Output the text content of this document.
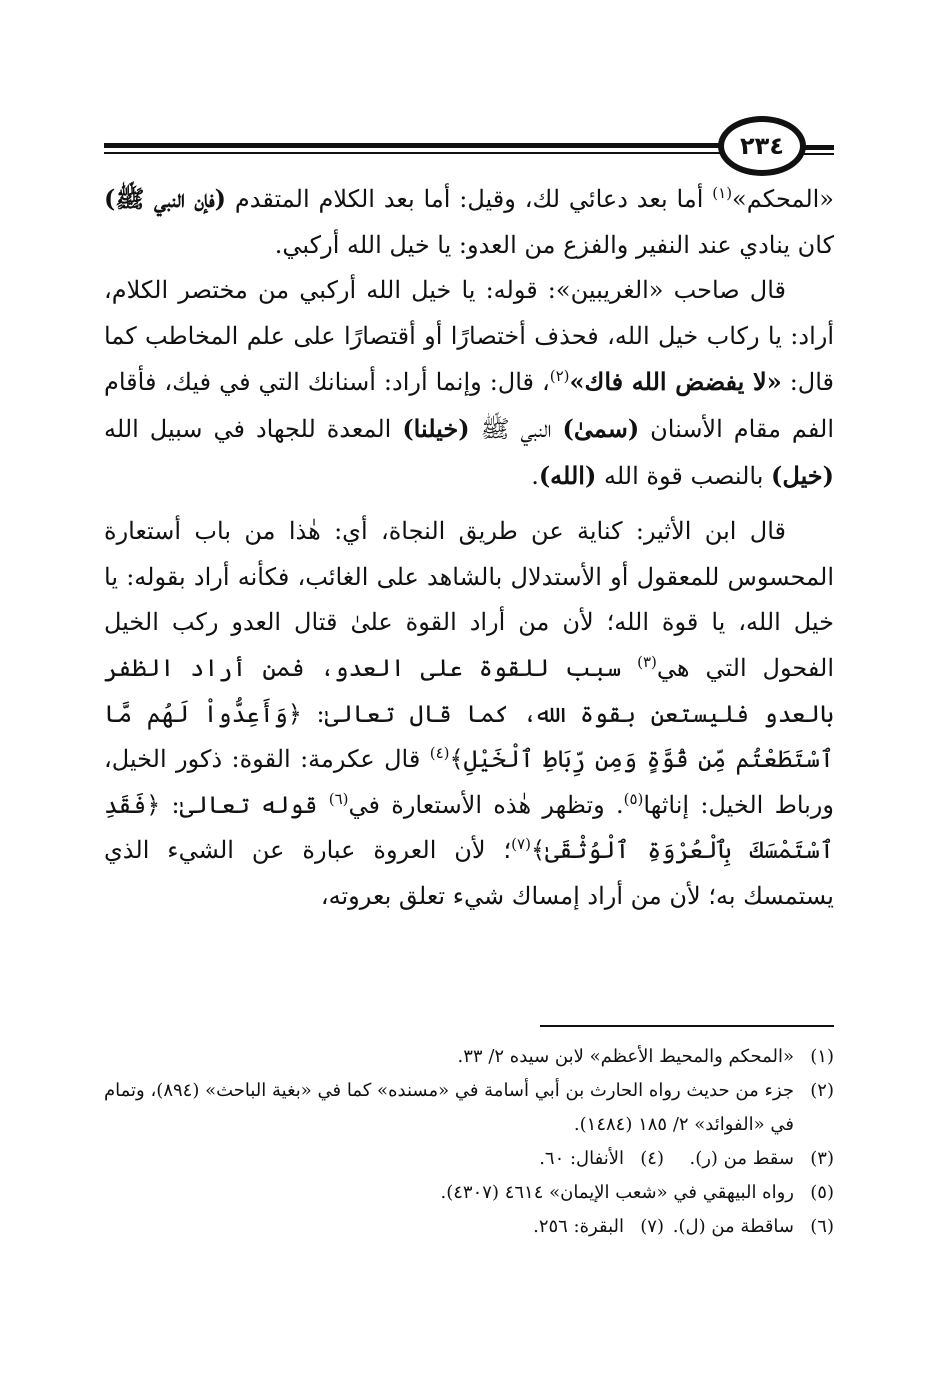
٢٣٤

«المحكم»$^{(١)}$ أما بعد دعائي لك، وقيل: أما بعد الكلام المتقدم (فإن النبي ﷺ) كان ينادي عند النفير والفزع من العدو: يا خيل الله أركبي.

قال صاحب «الغريبين»: قوله: يا خيل الله أركبي من مختصر الكلام، أراد: يا ركاب خيل الله، فحذف أختصارًا أو أقتصارًا على علم المخاطب كما قال: «لا يفضض الله فاك»$^{(٢)}$، قال: وإنما أراد: أسنانك التي في فيك، فأقام الفم مقام الأسنان (سمىٰ) النبي ﷺ (خيلنا) المعدة للجهاد في سبيل الله (خيل) بالنصب قوة الله (الله).

قال ابن الأثير: كناية عن طريق النجاة، أي: هٰذا من باب أستعارة المحسوس للمعقول أو الأستدلال بالشاهد على الغائب، فكأنه أراد بقوله: يا خيل الله، يا قوة الله؛ لأن من أراد القوة علىٰ قتال العدو ركب الخيل الفحول التي هي$^{(٣)}$ سبب للقوة على العدو، فمن أراد الظفر بالعدو فليستعن بقوة الله، كما قال تعالىٰ: ﴿وَأَعِدُّواْ لَهُم مَّا ٱسْتَطَعْتُم مِّن قُوَّةٍ وَمِن رِّبَاطِ ٱلْخَيْلِ﴾$^{(٤)}$ قال عكرمة: القوة: ذكور الخيل، ورباط الخيل: إناثها$^{(٥)}$. وتظهر هٰذه الأستعارة في$^{(٦)}$ قوله تعالىٰ: ﴿فَقَدِ ٱسْتَمْسَكَ بِٱلْعُرْوَةِ ٱلْوُثْقَىٰ﴾$^{(٧)}$؛ لأن العروة عبارة عن الشيء الذي يستمسك به؛ لأن من أراد إمساك شيء تعلق بعروته،

(١)
«المحكم والمحيط الأعظم» لابن سيده ٢/ ٣٣.
(٢)
جزء من حديث رواه الحارث بن أبي أسامة في «مسنده» كما في «بغية الباحث» (٨٩٤)، وتمام في «الفوائد» ٢/ ١٨٥ (١٤٨٤).
(٣)
سقط من (ر).
(٤)
الأنفال: ٦٠.
(٥)
رواه البيهقي في «شعب الإيمان» ٤٦١٤ (٤٣٠٧).
(٦)
ساقطة من (ل).
(٧)
البقرة: ٢٥٦.
